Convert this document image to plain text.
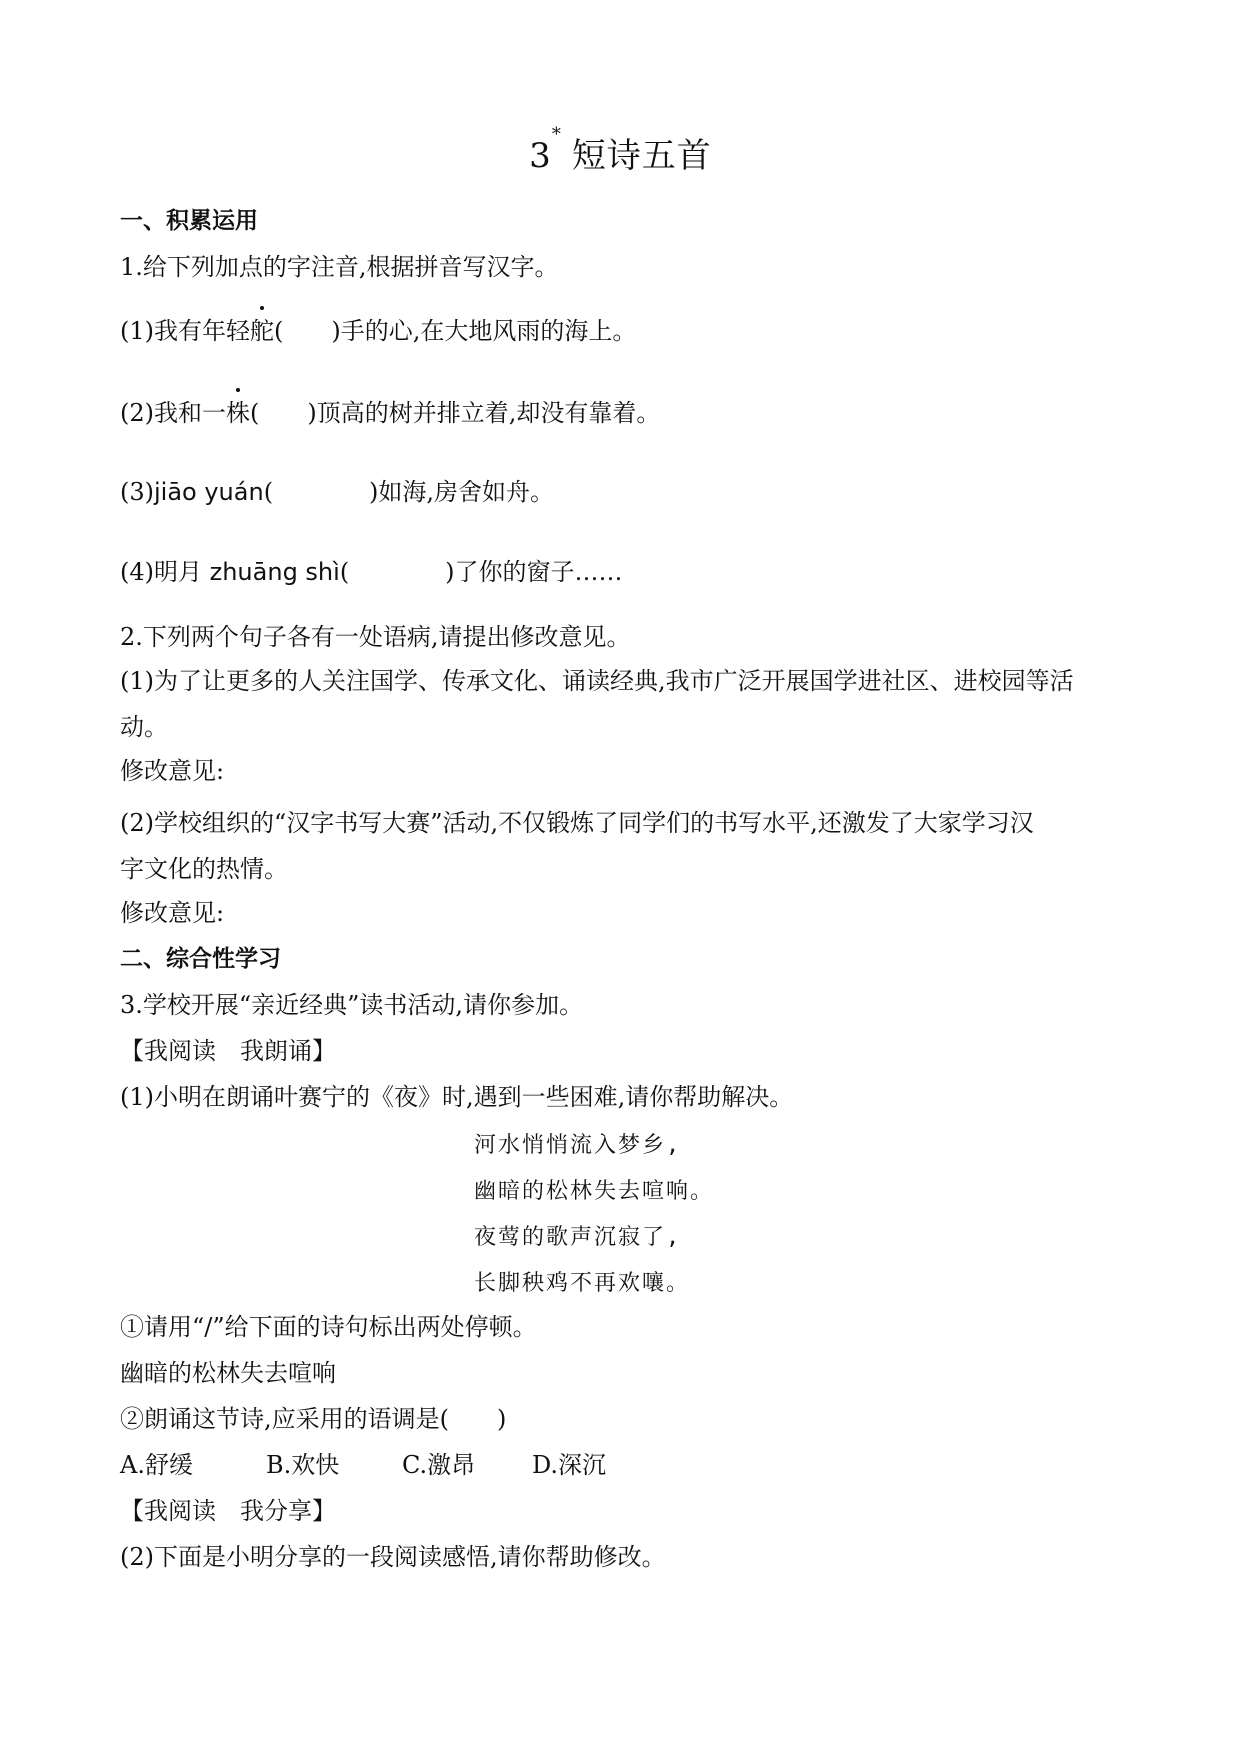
3*短诗五首
一、积累运用
1.给下列加点的字注音,根据拼音写汉字。
(1)我有年轻舵(　　)手的心,在大地风雨的海上。
(2)我和一株(　　)顶高的树并排立着,却没有靠着。
(3)jiāo yuán(　　　　)如海,房舍如舟。
(4)明月 zhuāng shì(　　　　)了你的窗子……
2.下列两个句子各有一处语病,请提出修改意见。
(1)为了让更多的人关注国学、传承文化、诵读经典,我市广泛开展国学进社区、进校园等活
动。
修改意见:
(2)学校组织的“汉字书写大赛”活动,不仅锻炼了同学们的书写水平,还激发了大家学习汉
字文化的热情。
修改意见:
二、综合性学习
3.学校开展“亲近经典”读书活动,请你参加。
【我阅读　我朗诵】
(1)小明在朗诵叶赛宁的《夜》时,遇到一些困难,请你帮助解决。
河水悄悄流入梦乡,
幽暗的松林失去喧响。
夜莺的歌声沉寂了,
长脚秧鸡不再欢嚷。
①请用“/”给下面的诗句标出两处停顿。
幽暗的松林失去喧响
②朗诵这节诗,应采用的语调是(　　)
A.舒缓	B.欢快	C.激昂 D.深沉
【我阅读　我分享】
(2)下面是小明分享的一段阅读感悟,请你帮助修改。
